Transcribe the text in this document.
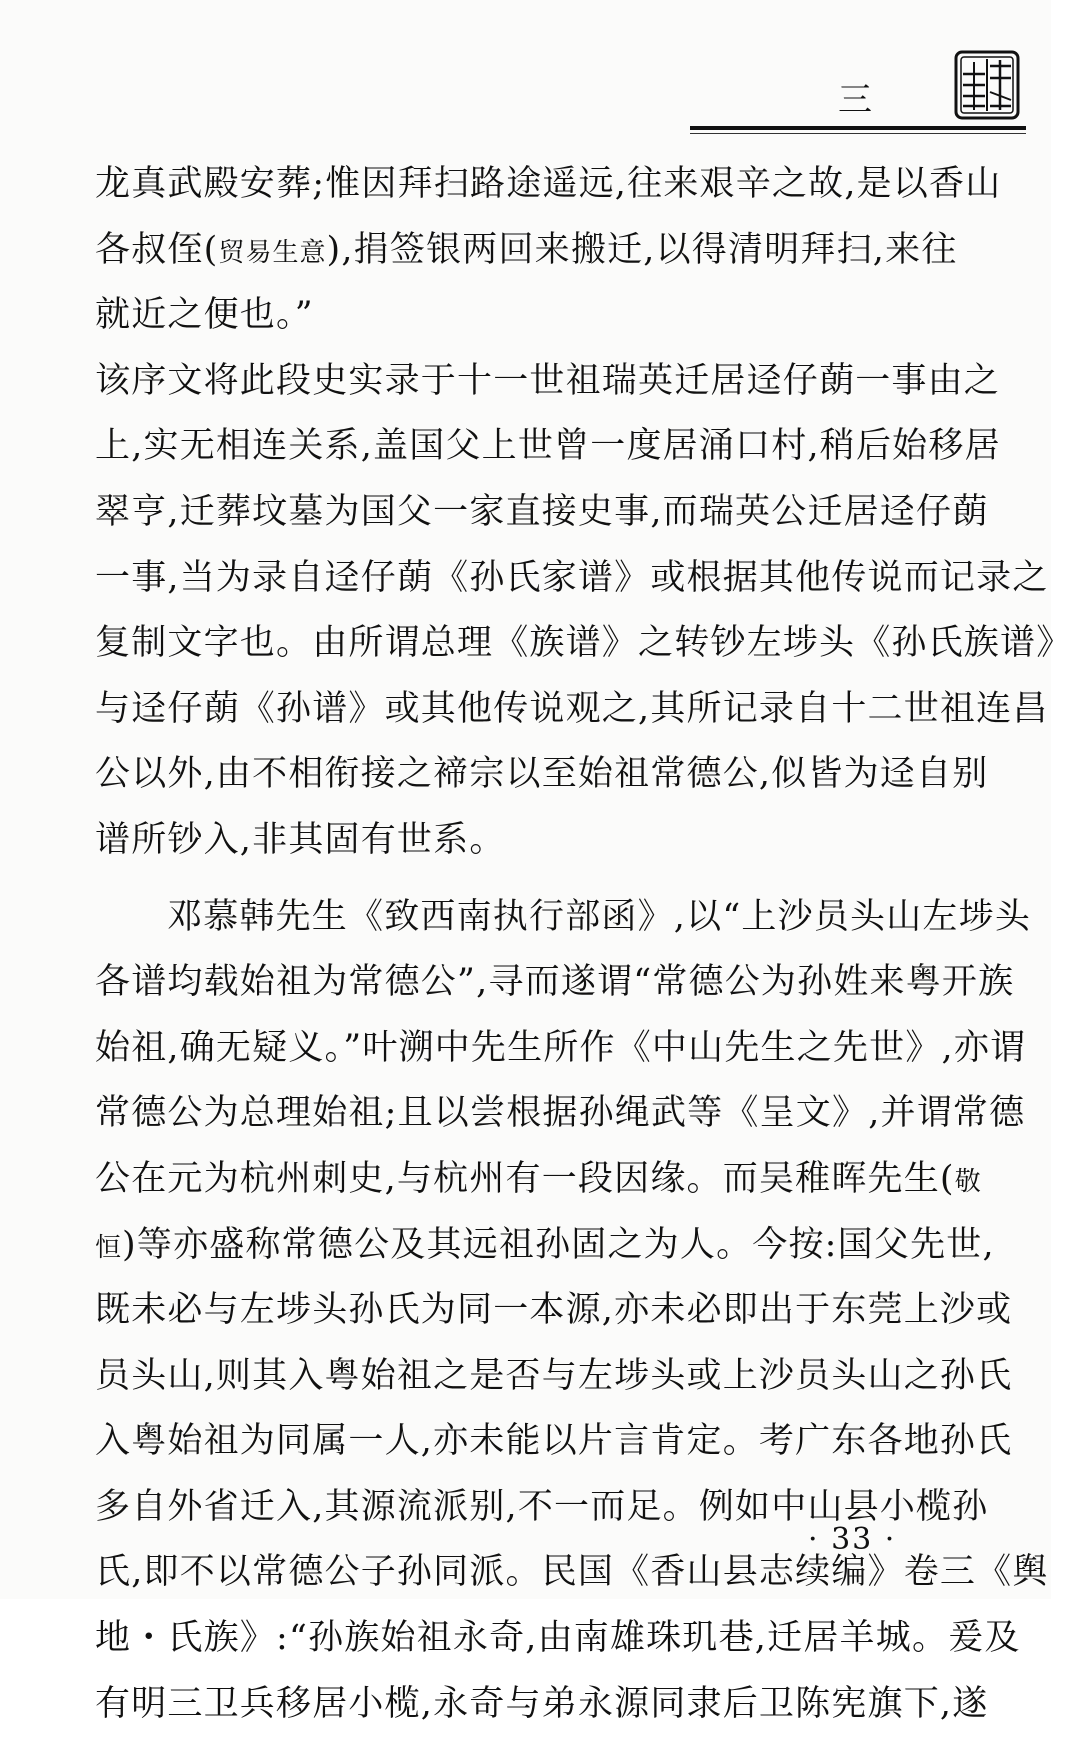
三
龙真武殿安葬;惟因拜扫路途遥远,往来艰辛之故,是以香山
各叔侄(贸易生意),捐签银两回来搬迁,以得清明拜扫,来往
就近之便也。”
该序文将此段史实录于十一世祖瑞英迁居迳仔蓢一事由之
上,实无相连关系,盖国父上世曾一度居涌口村,稍后始移居
翠亨,迁葬坟墓为国父一家直接史事,而瑞英公迁居迳仔蓢
一事,当为录自迳仔蓢《孙氏家谱》或根据其他传说而记录之
复制文字也。由所谓总理《族谱》之转钞左埗头《孙氏族谱》
与迳仔蓢《孙谱》或其他传说观之,其所记录自十二世祖连昌
公以外,由不相衔接之褅宗以至始祖常德公,似皆为迳自别
谱所钞入,非其固有世系。
邓慕韩先生《致西南执行部函》,以“上沙员头山左埗头
各谱均载始祖为常德公”,寻而遂谓“常德公为孙姓来粤开族
始祖,确无疑义。”叶溯中先生所作《中山先生之先世》,亦谓
常德公为总理始祖;且以尝根据孙绳武等《呈文》,并谓常德
公在元为杭州刺史,与杭州有一段因缘。而吴稚晖先生(敬
恒)等亦盛称常德公及其远祖孙固之为人。今按:国父先世,
既未必与左埗头孙氏为同一本源,亦未必即出于东莞上沙或
员头山,则其入粤始祖之是否与左埗头或上沙员头山之孙氏
入粤始祖为同属一人,亦未能以片言肯定。考广东各地孙氏
多自外省迁入,其源流派别,不一而足。例如中山县小榄孙
氏,即不以常德公子孙同派。民国《香山县志续编》卷三《舆
地・氏族》:“孙族始祖永奇,由南雄珠玑巷,迁居羊城。爰及
有明三卫兵移居小榄,永奇与弟永源同隶后卫陈宪旗下,遂
· 33 ·
